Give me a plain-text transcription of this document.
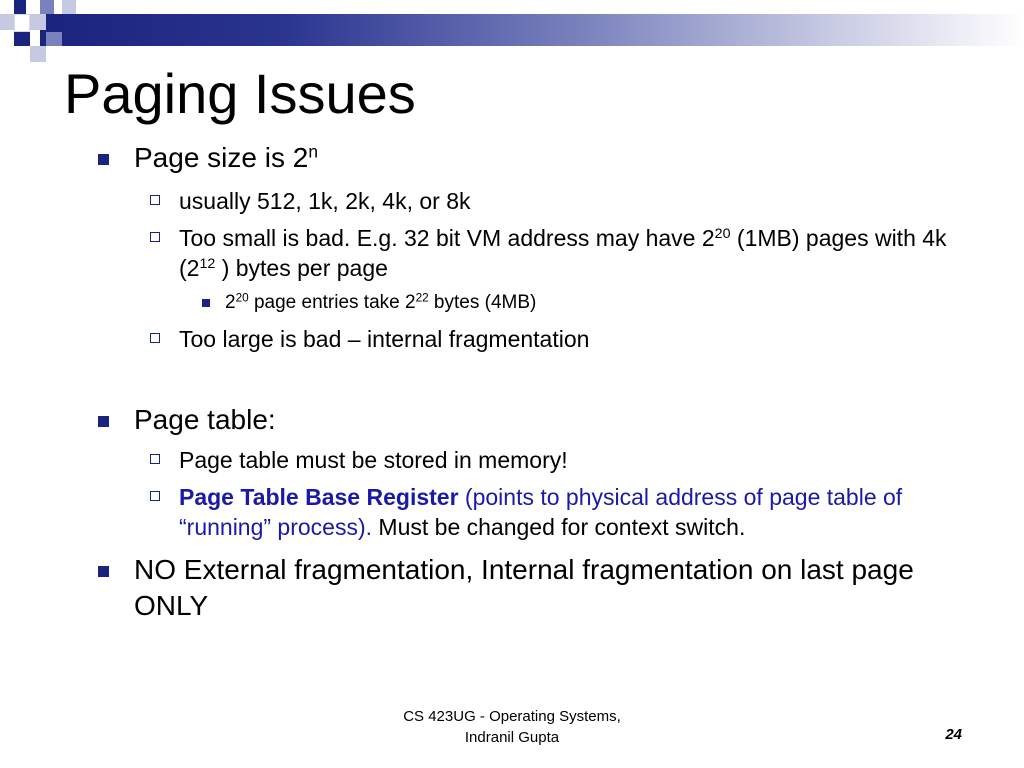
Paging Issues
Page size is 2$^n$
usually 512, 1k, 2k, 4k, or 8k
Too small is bad. E.g. 32 bit VM address may have $2^{20}$ (1MB) pages with 4k ($2^{12}$ ) bytes per page
$2^{20}$ page entries take $2^{22}$ bytes (4MB)
Too large is bad – internal fragmentation
Page table:
Page table must be stored in memory!
Page Table Base Register (points to physical address of page table of “running” process). Must be changed for context switch.
NO External fragmentation, Internal fragmentation on last page ONLY
CS 423UG - Operating Systems,
Indranil Gupta	24
